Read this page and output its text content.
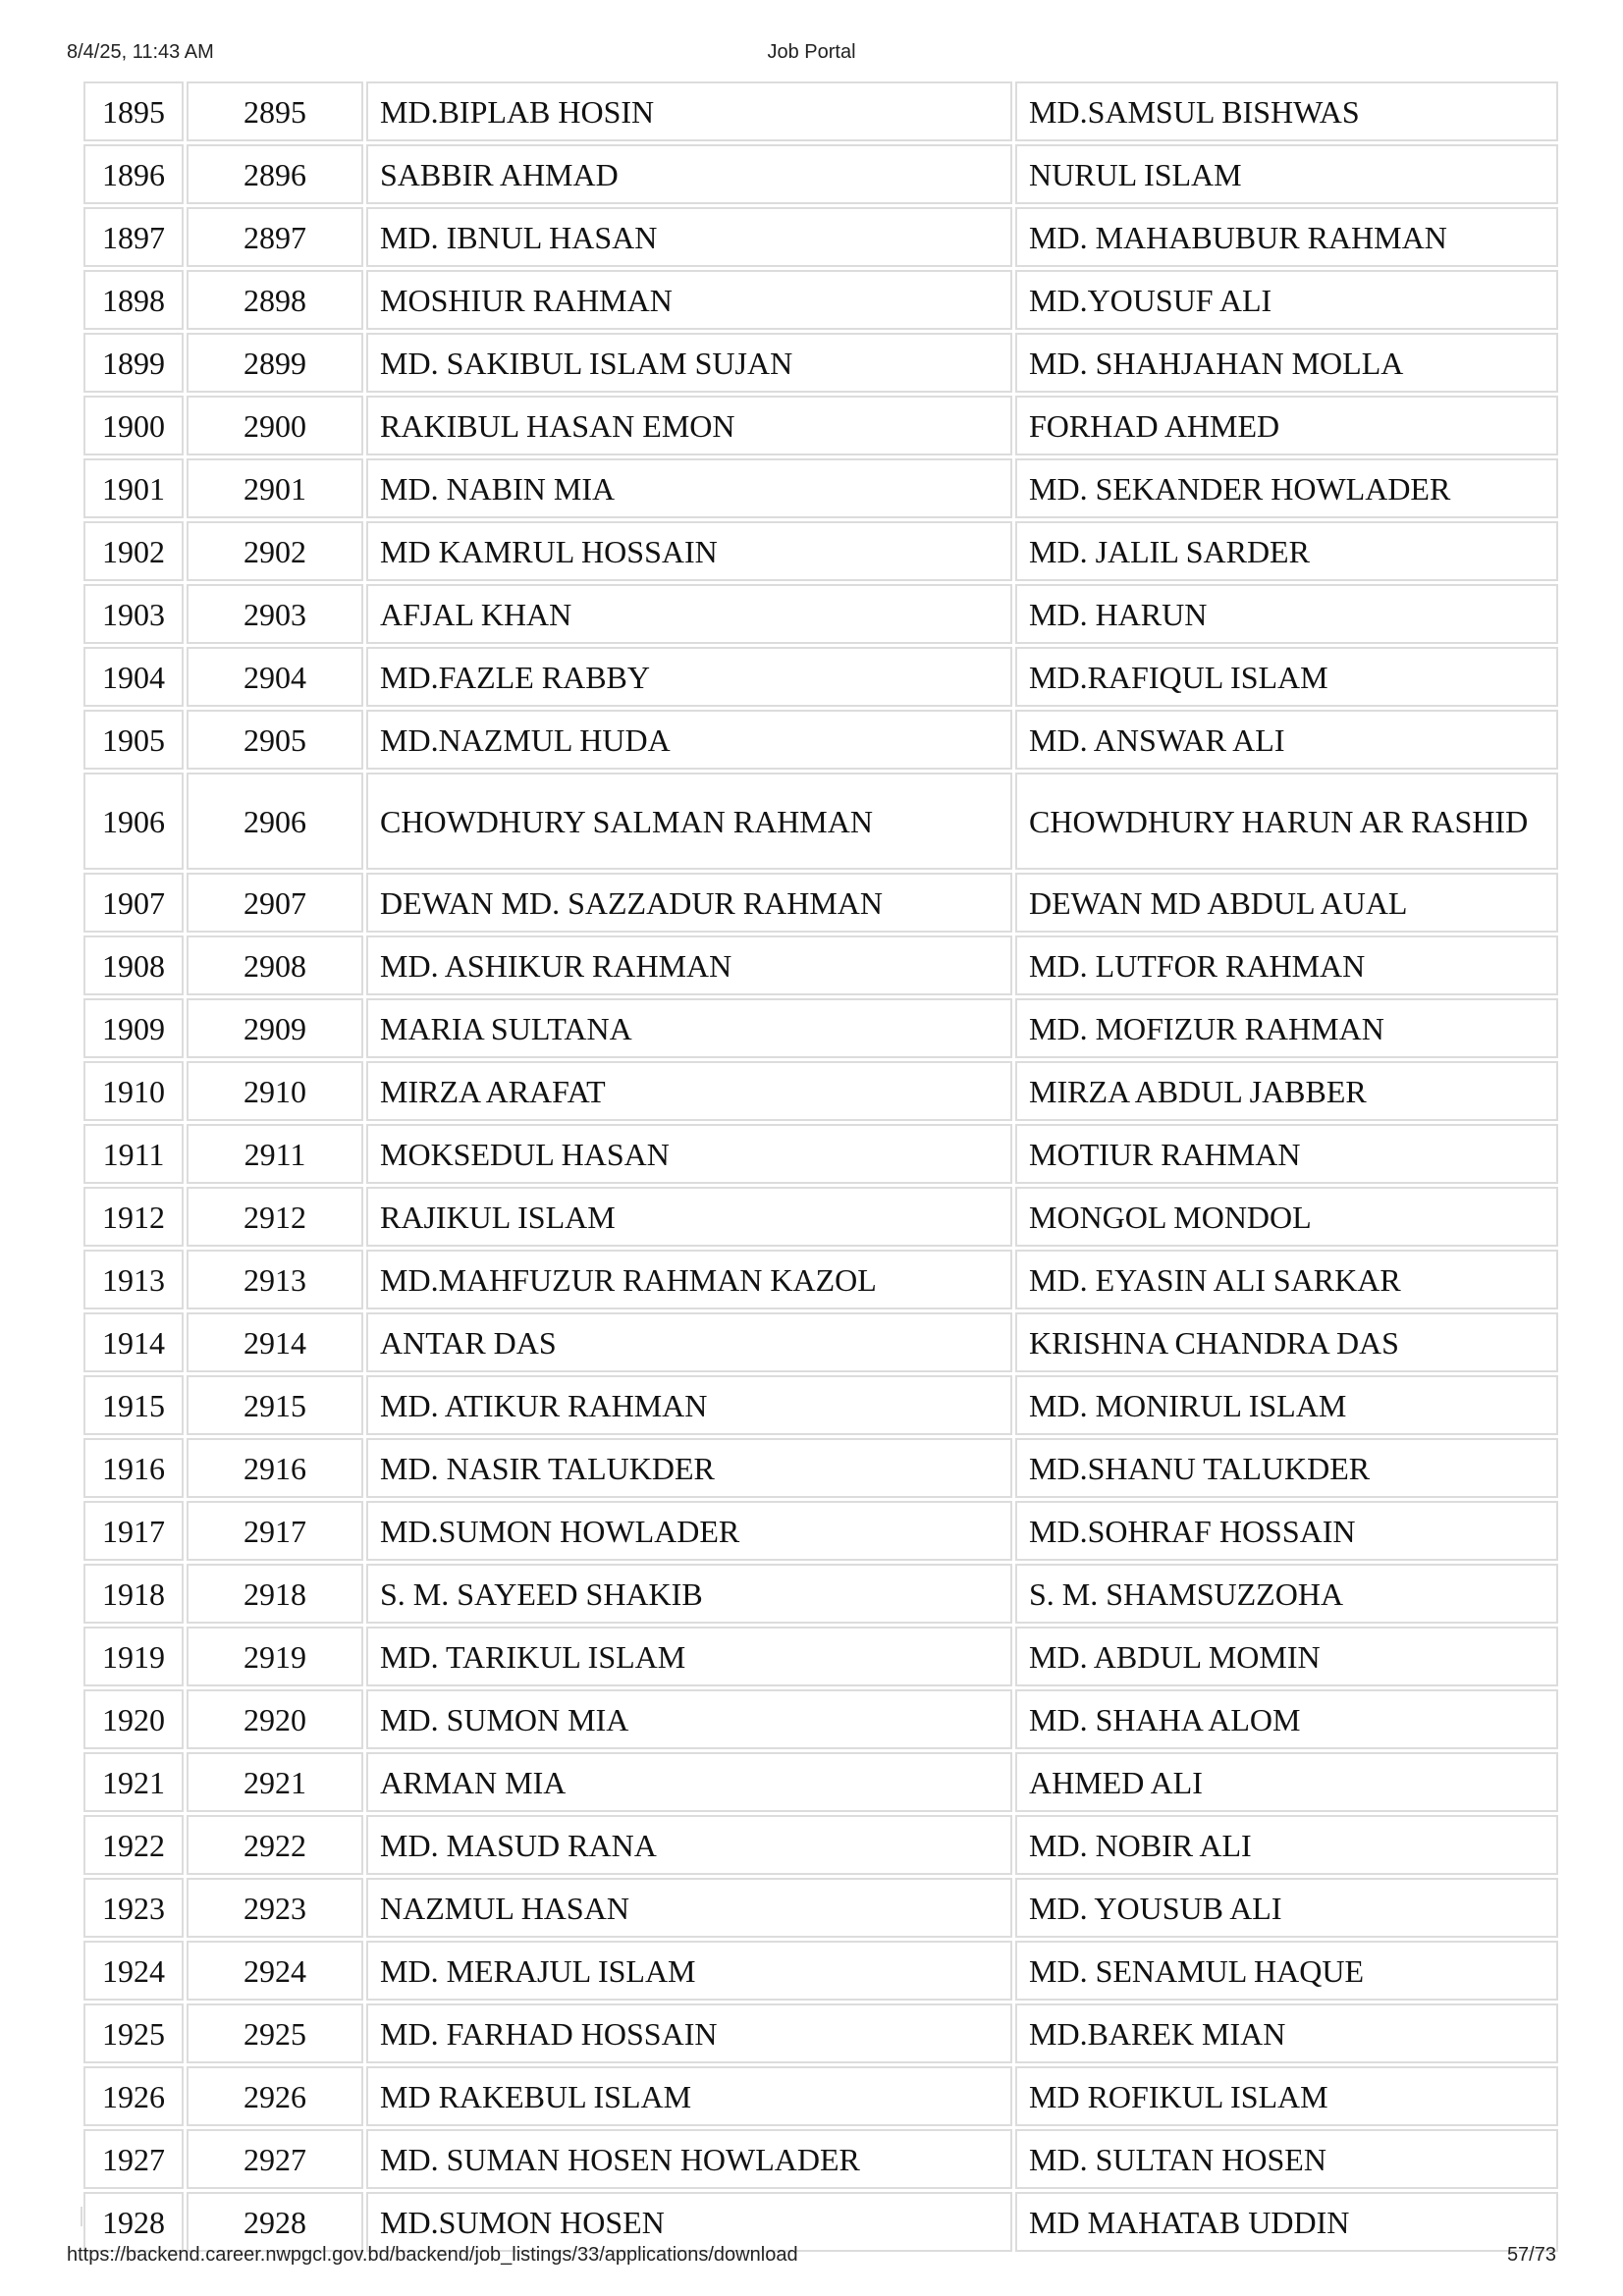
8/4/25, 11:43 AM	Job Portal
1895	2895	MD.BIPLAB HOSIN	MD.SAMSUL BISHWAS
1896	2896	SABBIR AHMAD	NURUL ISLAM
1897	2897	MD. IBNUL HASAN	MD. MAHABUBUR RAHMAN
1898	2898	MOSHIUR RAHMAN	MD.YOUSUF ALI
1899	2899	MD. SAKIBUL ISLAM SUJAN	MD. SHAHJAHAN MOLLA
1900	2900	RAKIBUL HASAN EMON	FORHAD AHMED
1901	2901	MD. NABIN MIA	MD. SEKANDER HOWLADER
1902	2902	MD KAMRUL HOSSAIN	MD. JALIL SARDER
1903	2903	AFJAL KHAN	MD. HARUN
1904	2904	MD.FAZLE RABBY	MD.RAFIQUL ISLAM
1905	2905	MD.NAZMUL HUDA	MD. ANSWAR ALI
1906	2906	CHOWDHURY SALMAN RAHMAN	CHOWDHURY HARUN AR RASHID
1907	2907	DEWAN MD. SAZZADUR RAHMAN	DEWAN MD ABDUL AUAL
1908	2908	MD. ASHIKUR RAHMAN	MD. LUTFOR RAHMAN
1909	2909	MARIA SULTANA	MD. MOFIZUR RAHMAN
1910	2910	MIRZA ARAFAT	MIRZA ABDUL JABBER
1911	2911	MOKSEDUL HASAN	MOTIUR RAHMAN
1912	2912	RAJIKUL ISLAM	MONGOL MONDOL
1913	2913	MD.MAHFUZUR RAHMAN KAZOL	MD. EYASIN ALI SARKAR
1914	2914	ANTAR DAS	KRISHNA CHANDRA DAS
1915	2915	MD. ATIKUR RAHMAN	MD. MONIRUL ISLAM
1916	2916	MD. NASIR TALUKDER	MD.SHANU TALUKDER
1917	2917	MD.SUMON HOWLADER	MD.SOHRAF HOSSAIN
1918	2918	S. M. SAYEED SHAKIB	S. M. SHAMSUZZOHA
1919	2919	MD. TARIKUL ISLAM	MD. ABDUL MOMIN
1920	2920	MD. SUMON MIA	MD. SHAHA ALOM
1921	2921	ARMAN MIA	AHMED ALI
1922	2922	MD. MASUD RANA	MD. NOBIR ALI
1923	2923	NAZMUL HASAN	MD. YOUSUB ALI
1924	2924	MD. MERAJUL ISLAM	MD. SENAMUL HAQUE
1925	2925	MD. FARHAD HOSSAIN	MD.BAREK MIAN
1926	2926	MD RAKEBUL ISLAM	MD ROFIKUL ISLAM
1927	2927	MD. SUMAN HOSEN HOWLADER	MD. SULTAN HOSEN
1928	2928	MD.SUMON HOSEN	MD MAHATAB UDDIN
https://backend.career.nwpgcl.gov.bd/backend/job_listings/33/applications/download	57/73
